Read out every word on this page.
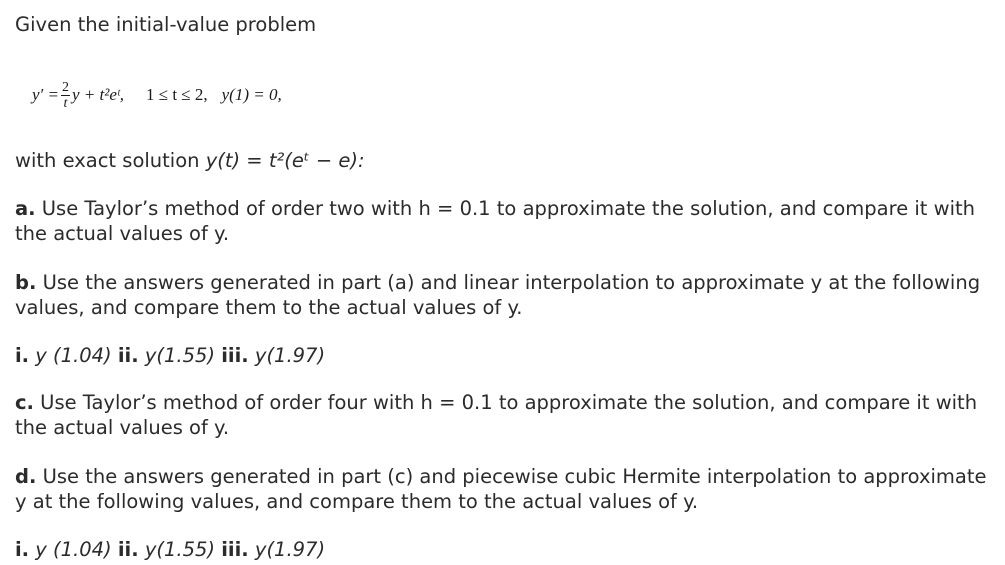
Given the initial-value problem
$y' = \frac{2}{t}$ y + t²eᵗ, 1 ≤ t ≤ 2, y(1) = 0,
with exact solution y(t) = t²(eᵗ − e):
a. Use Taylor’s method of order two with h = 0.1 to approximate the solution, and compare it with the actual values of y.
b. Use the answers generated in part (a) and linear interpolation to approximate y at the following values, and compare them to the actual values of y.
i. y (1.04) ii. y(1.55) iii. y(1.97)
c. Use Taylor’s method of order four with h = 0.1 to approximate the solution, and compare it with the actual values of y.
d. Use the answers generated in part (c) and piecewise cubic Hermite interpolation to approximate y at the following values, and compare them to the actual values of y.
i. y (1.04) ii. y(1.55) iii. y(1.97)
